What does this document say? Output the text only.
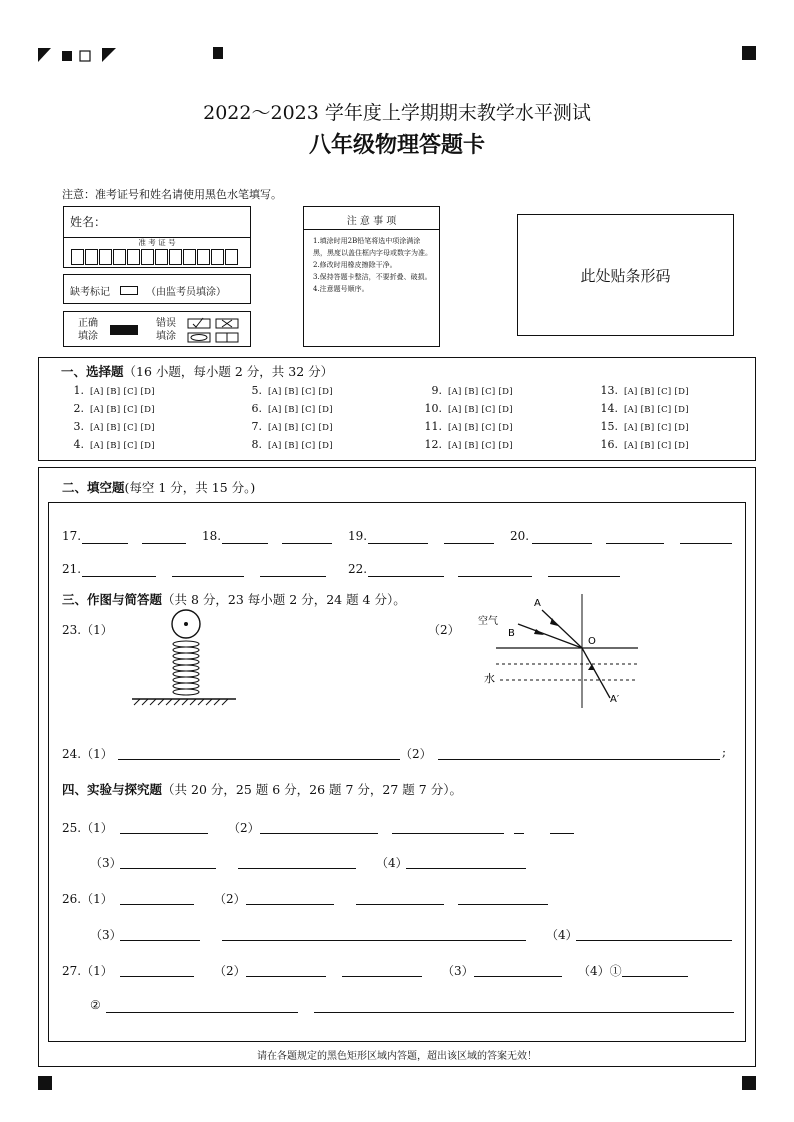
2022～2023 学年度上学期期末教学水平测试
八年级物理答题卡
注意：准考证号和姓名请使用黑色水笔填写。
姓名：
准 考 证 号
缺考标记	（由监考员填涂）
正确
填涂
错误
填涂
注 意 事 项
1.填涂时用2B铅笔将选中项涂满涂黑，黑度以盖住框内字母或数字为准。
2.修改时用橡皮擦除干净。
3.保持答题卡整洁，不要折叠、破损。
4.注意题号顺序。
此处贴条形码
一、选择题（16 小题，每小题 2 分，共 32 分）
1. [A] [B] [C] [D]
2. [A] [B] [C] [D]
3. [A] [B] [C] [D]
4. [A] [B] [C] [D]
5. [A] [B] [C] [D]
6. [A] [B] [C] [D]
7. [A] [B] [C] [D]
8. [A] [B] [C] [D]
9. [A] [B] [C] [D]
10. [A] [B] [C] [D]
11. [A] [B] [C] [D]
12. [A] [B] [C] [D]
13. [A] [B] [C] [D]
14. [A] [B] [C] [D]
15. [A] [B] [C] [D]
16. [A] [B] [C] [D]
二、填空题(每空 1 分，共 15 分。)
17.	18.	19.	20.
21.	22.
三、作图与简答题（共 8 分，23 每小题 2 分，24 题 4 分）。
23.（1）	（2）
空气
水
A
B
O
A′
24.（1）	（2）	;
四、实验与探究题（共 20 分，25 题 6 分，26 题 7 分，27 题 7 分）。
25.（1）	（2）
（3）	（4）
26.（1）	（2）
（3）	（4）
27.（1）	（2）	（3）	（4）①
②
请在各题规定的黑色矩形区域内答题，超出该区域的答案无效！
